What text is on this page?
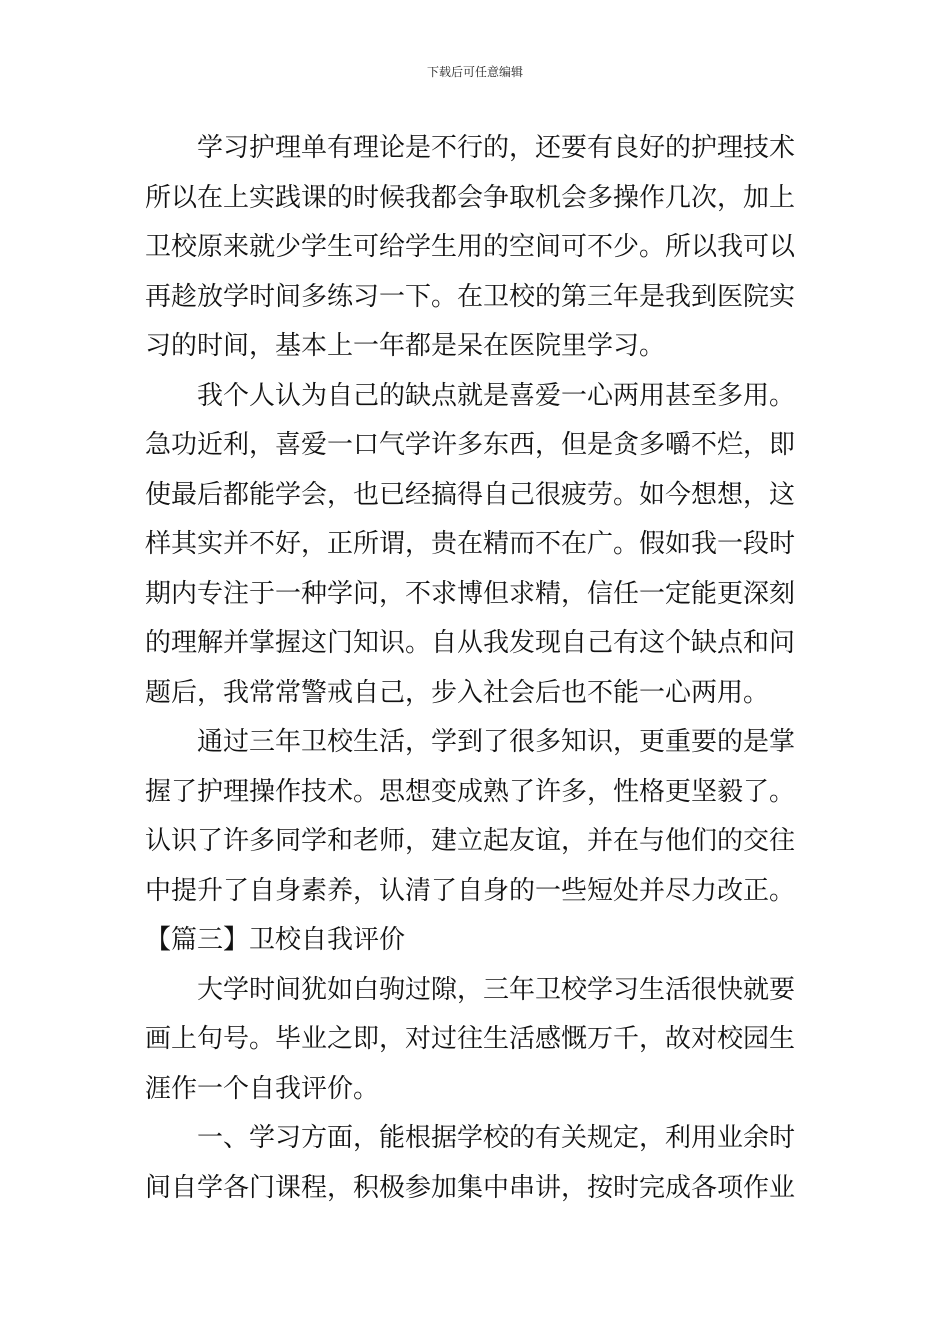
下载后可任意编辑
学习护理单有理论是不行的，还要有良好的护理技术
所以在上实践课的时候我都会争取机会多操作几次，加上
卫校原来就少学生可给学生用的空间可不少。所以我可以
再趁放学时间多练习一下。在卫校的第三年是我到医院实
习的时间，基本上一年都是呆在医院里学习。
我个人认为自己的缺点就是喜爱一心两用甚至多用。
急功近利，喜爱一口气学许多东西，但是贪多嚼不烂，即
使最后都能学会，也已经搞得自己很疲劳。如今想想，这
样其实并不好，正所谓，贵在精而不在广。假如我一段时
期内专注于一种学问，不求博但求精，信任一定能更深刻
的理解并掌握这门知识。自从我发现自己有这个缺点和问
题后，我常常警戒自己，步入社会后也不能一心两用。
通过三年卫校生活，学到了很多知识，更重要的是掌
握了护理操作技术。思想变成熟了许多，性格更坚毅了。
认识了许多同学和老师，建立起友谊，并在与他们的交往
中提升了自身素养，认清了自身的一些短处并尽力改正。
【篇三】卫校自我评价
大学时间犹如白驹过隙，三年卫校学习生活很快就要
画上句号。毕业之即，对过往生活感慨万千，故对校园生
涯作一个自我评价。
一、学习方面，能根据学校的有关规定，利用业余时
间自学各门课程，积极参加集中串讲，按时完成各项作业
